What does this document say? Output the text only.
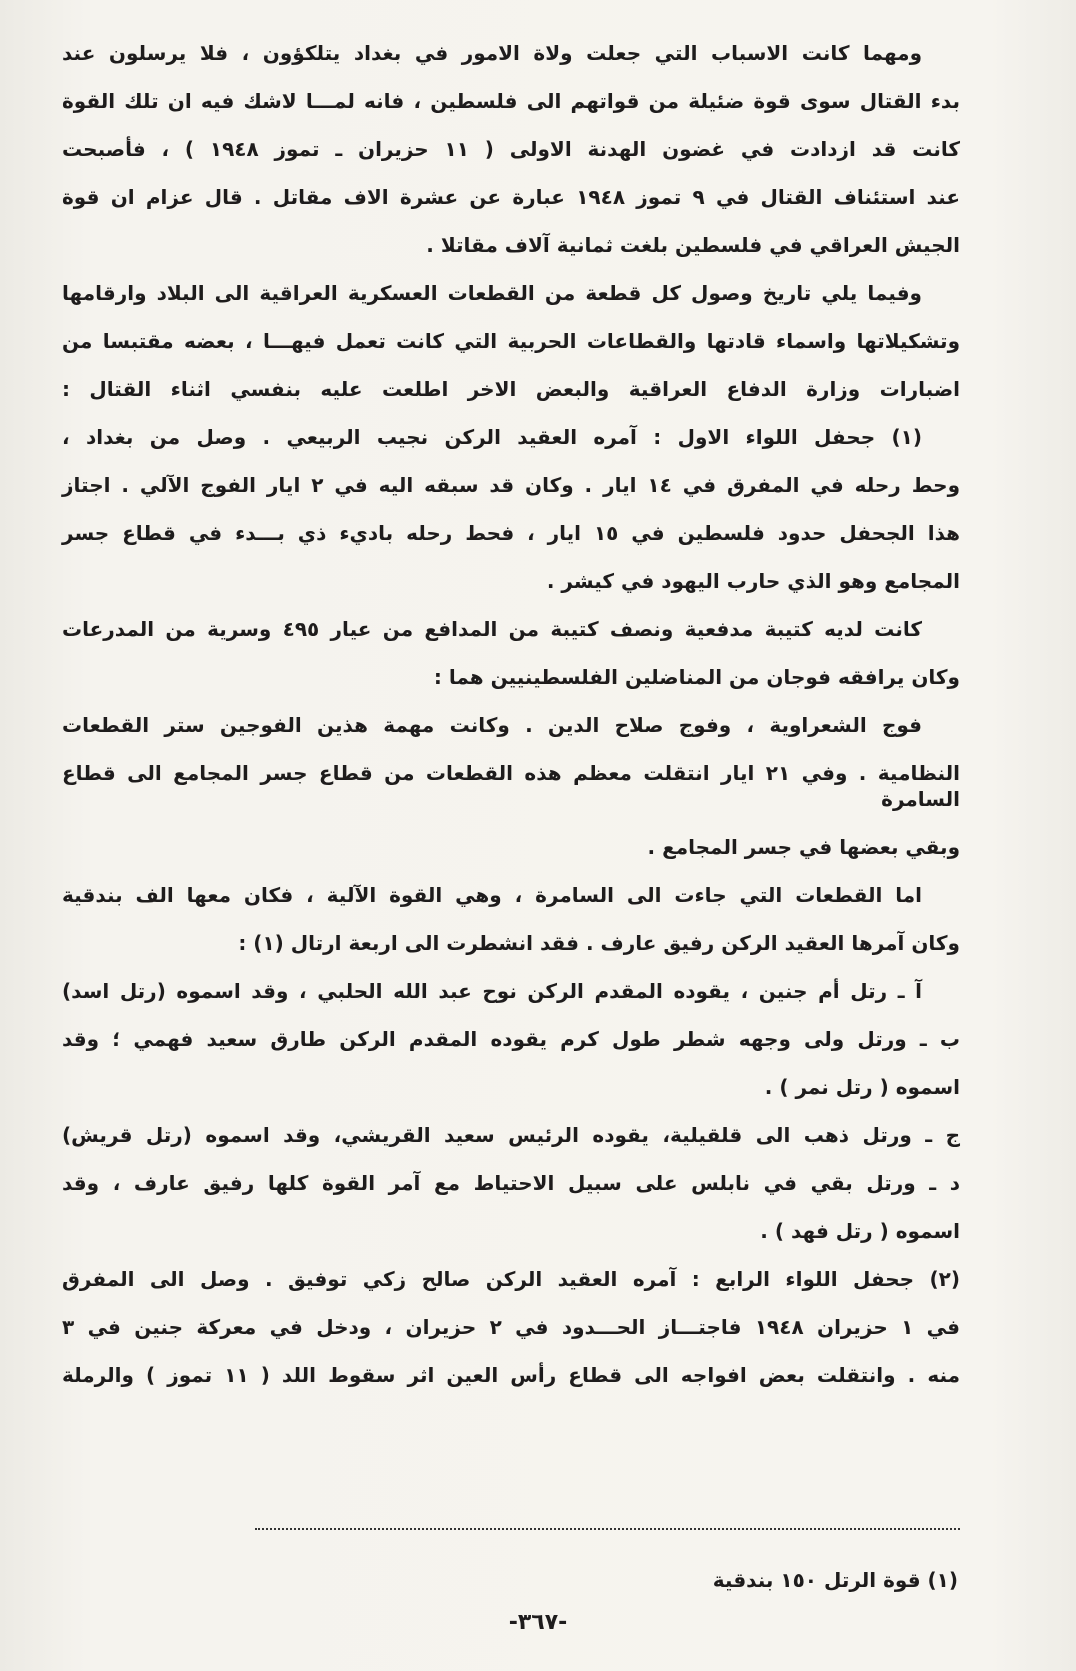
ومهما كانت الاسباب التي جعلت ولاة الامور في بغداد يتلكؤون ، فلا يرسلون عند
بدء القتال سوى قوة ضئيلة من قواتهم الى فلسطين ، فانه لمـــا لاشك فيه ان تلك القوة
كانت قد ازدادت في غضون الهدنة الاولى ( ١١ حزيران ـ تموز ١٩٤٨ ) ، فأصبحت
عند استئناف القتال في ٩ تموز ١٩٤٨ عبارة عن عشرة الاف مقاتل . قال عزام ان قوة
الجيش العراقي في فلسطين بلغت ثمانية آلاف مقاتلا .
وفيما يلي تاريخ وصول كل قطعة من القطعات العسكرية العراقية الى البلاد وارقامها
وتشكيلاتها واسماء قادتها والقطاعات الحربية التي كانت تعمل فيهـــا ، بعضه مقتبسا من
اضبارات وزارة الدفاع العراقية والبعض الاخر اطلعت عليه بنفسي اثناء القتال :
(١) جحفل اللواء الاول : آمره العقيد الركن نجيب الربيعي . وصل من بغداد ،
وحط رحله في المفرق في ١٤ ايار . وكان قد سبقه اليه في ٢ ايار الفوج الآلي . اجتاز
هذا الجحفل حدود فلسطين في ١٥ ايار ، فحط رحله باديء ذي بـــدء في قطاع جسر
المجامع وهو الذي حارب اليهود في كيشر .
كانت لديه كتيبة مدفعية ونصف كتيبة من المدافع من عيار ٤٩٥ وسرية من المدرعات
وكان يرافقه فوجان من المناضلين الفلسطينيين هما :
فوج الشعراوية ، وفوج صلاح الدين . وكانت مهمة هذين الفوجين ستر القطعات
النظامية . وفي ٢١ ايار انتقلت معظم هذه القطعات من قطاع جسر المجامع الى قطاع السامرة
وبقي بعضها في جسر المجامع .
اما القطعات التي جاءت الى السامرة ، وهي القوة الآلية ، فكان معها الف بندقية
وكان آمرها العقيد الركن رفيق عارف . فقد انشطرت الى اربعة ارتال (١) :
آ ـ رتل أم جنين ، يقوده المقدم الركن نوح عبد الله الحلبي ، وقد اسموه (رتل اسد)
ب ـ ورتل ولى وجهه شطر طول كرم يقوده المقدم الركن طارق سعيد فهمي ؛ وقد
اسموه ( رتل نمر ) .
ج ـ ورتل ذهب الى قلقيلية، يقوده الرئيس سعيد القريشي، وقد اسموه (رتل قريش)
د ـ ورتل بقي في نابلس على سبيل الاحتياط مع آمر القوة كلها رفيق عارف ، وقد
اسموه ( رتل فهد ) .
(٢) جحفل اللواء الرابع : آمره العقيد الركن صالح زكي توفيق . وصل الى المفرق
في ١ حزيران ١٩٤٨ فاجتـــاز الحـــدود في ٢ حزيران ، ودخل في معركة جنين في ٣
منه . وانتقلت بعض افواجه الى قطاع رأس العين اثر سقوط اللد ( ١١ تموز ) والرملة
(١) قوة الرتل ١٥٠ بندقية
-٣٦٧-
